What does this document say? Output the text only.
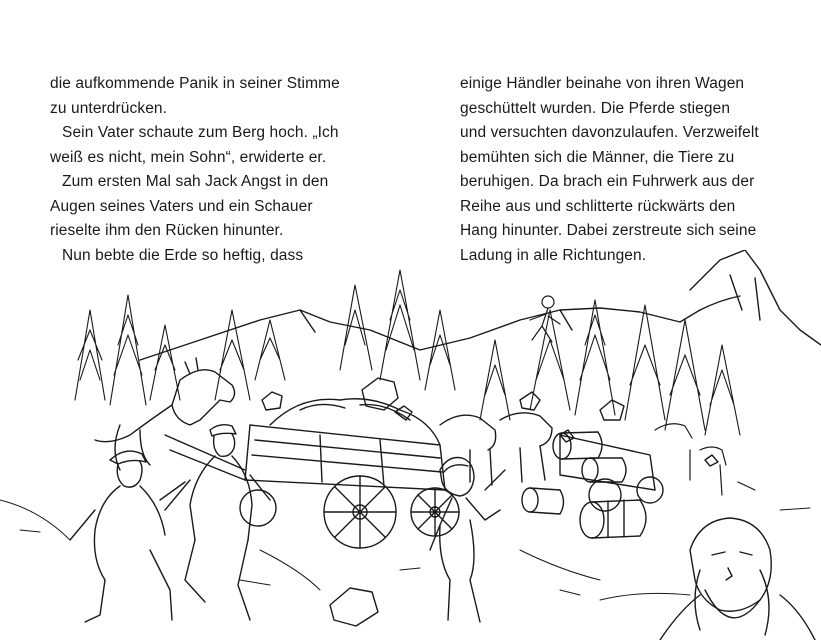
die aufkommende Panik in seiner Stimme
zu unterdrücken.
Sein Vater schaute zum Berg hoch. „Ich
weiß es nicht, mein Sohn“, erwiderte er.
Zum ersten Mal sah Jack Angst in den
Augen seines Vaters und ein Schauer
rieselte ihm den Rücken hinunter.
Nun bebte die Erde so heftig, dass
einige Händler beinahe von ihren Wagen
geschüttelt wurden. Die Pferde stiegen
und versuchten davonzulaufen. Verzweifelt
bemühten sich die Männer, die Tiere zu
beruhigen. Da brach ein Fuhrwerk aus der
Reihe aus und schlitterte rückwärts den
Hang hinunter. Dabei zerstreute sich seine
Ladung in alle Richtungen.
